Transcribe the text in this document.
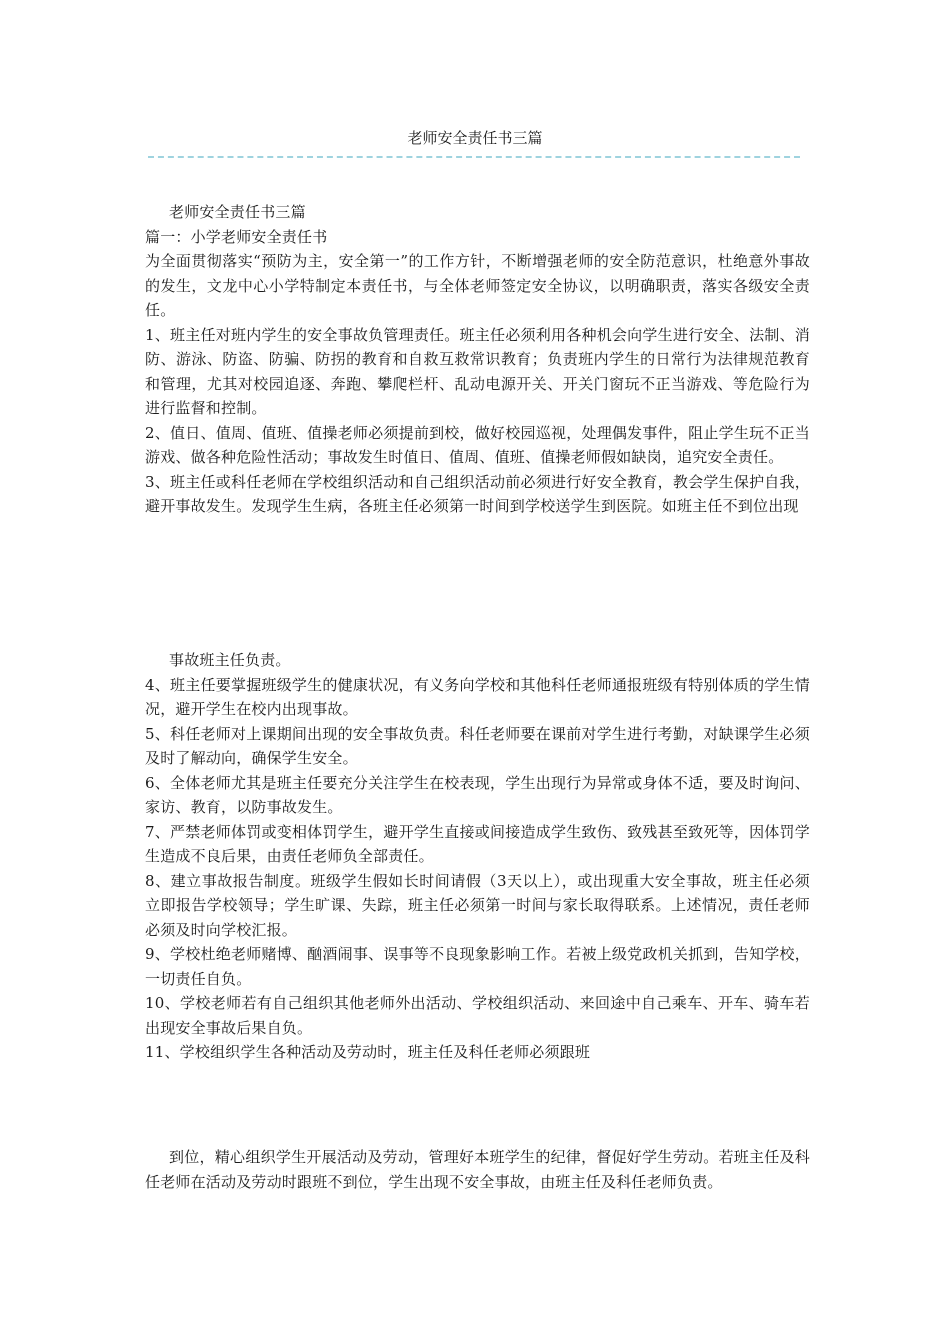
老师安全责任书三篇

老师安全责任书三篇

篇一：小学老师安全责任书

为全面贯彻落实“预防为主，安全第一”的工作方针，不断增强老师的安全防范意识，杜绝意外事故的发生，文龙中心小学特制定本责任书，与全体老师签定安全协议，以明确职责，落实各级安全责任。

1、班主任对班内学生的安全事故负管理责任。班主任必须利用各种机会向学生进行安全、法制、消防、游泳、防盗、防骗、防拐的教育和自救互救常识教育；负责班内学生的日常行为法律规范教育和管理，尤其对校园追逐、奔跑、攀爬栏杆、乱动电源开关、开关门窗玩不正当游戏、等危险行为进行监督和控制。

2、值日、值周、值班、值操老师必须提前到校，做好校园巡视，处理偶发事件，阻止学生玩不正当游戏、做各种危险性活动；事故发生时值日、值周、值班、值操老师假如缺岗，追究安全责任。

3、班主任或科任老师在学校组织活动和自己组织活动前必须进行好安全教育，教会学生保护自我，避开事故发生。发现学生生病，各班主任必须第一时间到学校送学生到医院。如班主任不到位出现

事故班主任负责。

4、班主任要掌握班级学生的健康状况，有义务向学校和其他科任老师通报班级有特别体质的学生情况，避开学生在校内出现事故。

5、科任老师对上课期间出现的安全事故负责。科任老师要在课前对学生进行考勤，对缺课学生必须及时了解动向，确保学生安全。

6、全体老师尤其是班主任要充分关注学生在校表现，学生出现行为异常或身体不适，要及时询问、家访、教育，以防事故发生。

7、严禁老师体罚或变相体罚学生，避开学生直接或间接造成学生致伤、致残甚至致死等，因体罚学生造成不良后果，由责任老师负全部责任。

8、建立事故报告制度。班级学生假如长时间请假（3天以上），或出现重大安全事故，班主任必须立即报告学校领导；学生旷课、失踪，班主任必须第一时间与家长取得联系。上述情况，责任老师必须及时向学校汇报。

9、学校杜绝老师赌博、酗酒闹事、误事等不良现象影响工作。若被上级党政机关抓到，告知学校，一切责任自负。

10、学校老师若有自己组织其他老师外出活动、学校组织活动、来回途中自己乘车、开车、骑车若出现安全事故后果自负。

11、学校组织学生各种活动及劳动时，班主任及科任老师必须跟班

到位，精心组织学生开展活动及劳动，管理好本班学生的纪律，督促好学生劳动。若班主任及科任老师在活动及劳动时跟班不到位，学生出现不安全事故，由班主任及科任老师负责。
